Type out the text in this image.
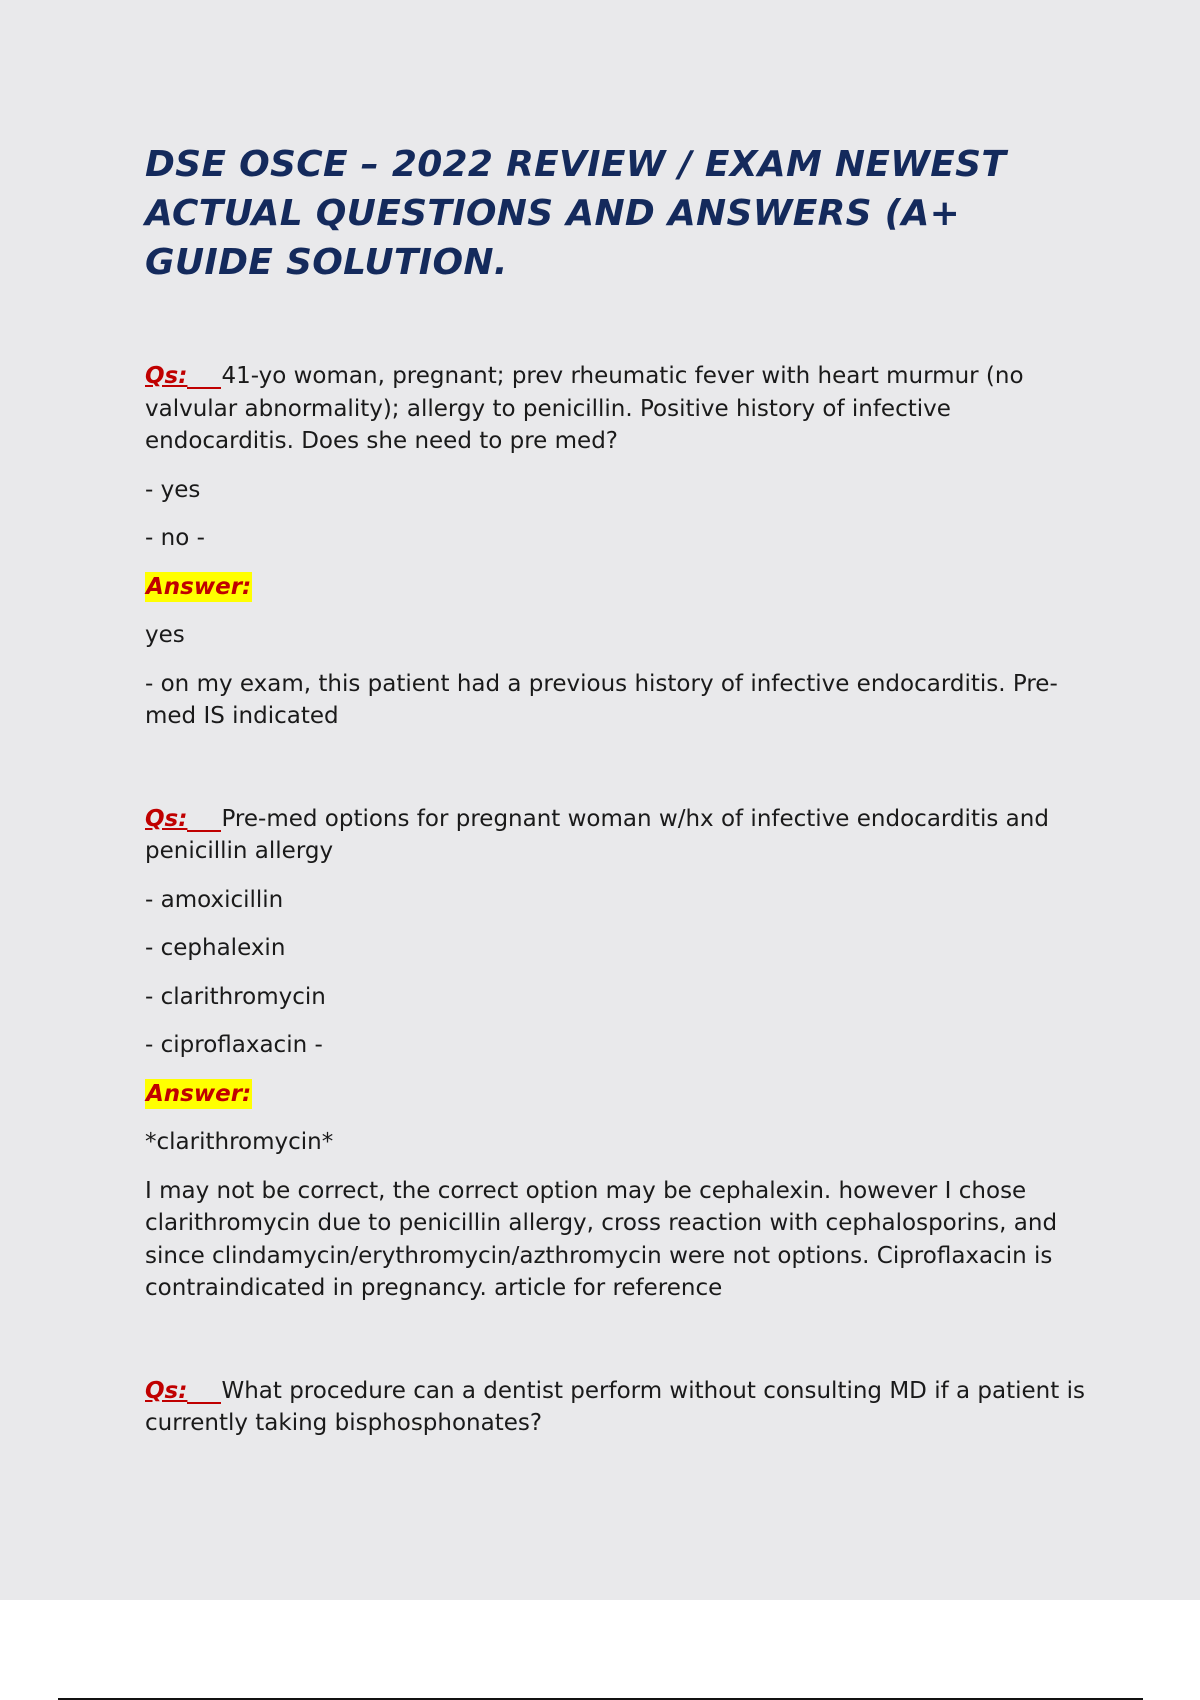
DSE OSCE – 2022 REVIEW / EXAM NEWEST ACTUAL QUESTIONS AND ANSWERS (A+ GUIDE SOLUTION.

Qs: 41-yo woman, pregnant; prev rheumatic fever with heart murmur (no valvular abnormality); allergy to penicillin. Positive history of infective endocarditis. Does she need to pre med?

- yes
- no -

Answer:

yes

- on my exam, this patient had a previous history of infective endocarditis. Pre-med IS indicated

Qs: Pre-med options for pregnant woman w/hx of infective endocarditis and penicillin allergy

- amoxicillin
- cephalexin
- clarithromycin
- ciproflaxacin -

Answer:

*clarithromycin*

I may not be correct, the correct option may be cephalexin. however I chose clarithromycin due to penicillin allergy, cross reaction with cephalosporins, and since clindamycin/erythromycin/azthromycin were not options. Ciproflaxacin is contraindicated in pregnancy. article for reference

Qs: What procedure can a dentist perform without consulting MD if a patient is currently taking bisphosphonates?
